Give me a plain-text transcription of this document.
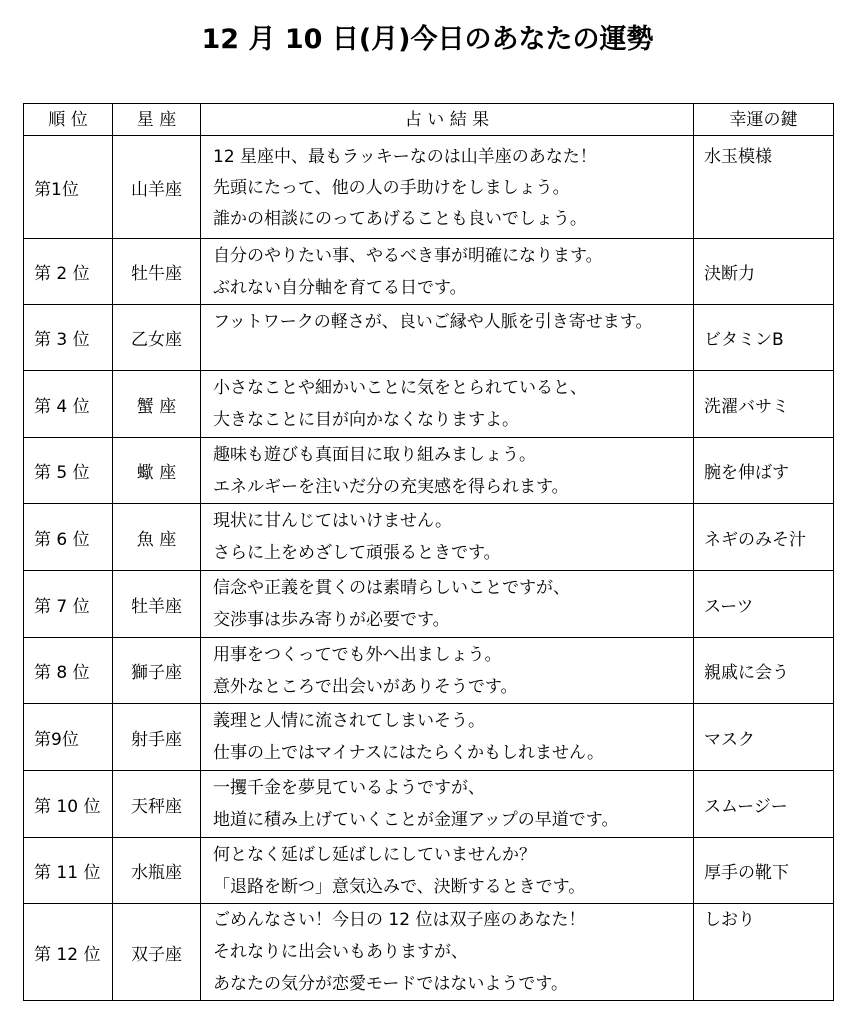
12 月 10 日(月)今日のあなたの運勢
順 位	星 座	占 い 結 果	幸運の鍵
第1位	山羊座	12 星座中、最もラッキーなのは山羊座のあなた！
先頭にたって、他の人の手助けをしましょう。
誰かの相談にのってあげることも良いでしょう。	水玉模様
第 2 位	牡牛座	自分のやりたい事、やるべき事が明確になります。
ぶれない自分軸を育てる日です。	決断力
第 3 位	乙女座	フットワークの軽さが、良いご縁や人脈を引き寄せます。	ビタミンB
第 4 位	蟹 座	小さなことや細かいことに気をとられていると、
大きなことに目が向かなくなりますよ。	洗濯バサミ
第 5 位	蠍 座	趣味も遊びも真面目に取り組みましょう。
エネルギーを注いだ分の充実感を得られます。	腕を伸ばす
第 6 位	魚 座	現状に甘んじてはいけません。
さらに上をめざして頑張るときです。	ネギのみそ汁
第 7 位	牡羊座	信念や正義を貫くのは素晴らしいことですが、
交渉事は歩み寄りが必要です。	スーツ
第 8 位	獅子座	用事をつくってでも外へ出ましょう。
意外なところで出会いがありそうです。	親戚に会う
第9位	射手座	義理と人情に流されてしまいそう。
仕事の上ではマイナスにはたらくかもしれません。	マスク
第 10 位	天秤座	一攫千金を夢見ているようですが、
地道に積み上げていくことが金運アップの早道です。	スムージー
第 11 位	水瓶座	何となく延ばし延ばしにしていませんか？
「退路を断つ」意気込みで、決断するときです。	厚手の靴下
第 12 位	双子座	ごめんなさい！今日の 12 位は双子座のあなた！
それなりに出会いもありますが、
あなたの気分が恋愛モードではないようです。	しおり
